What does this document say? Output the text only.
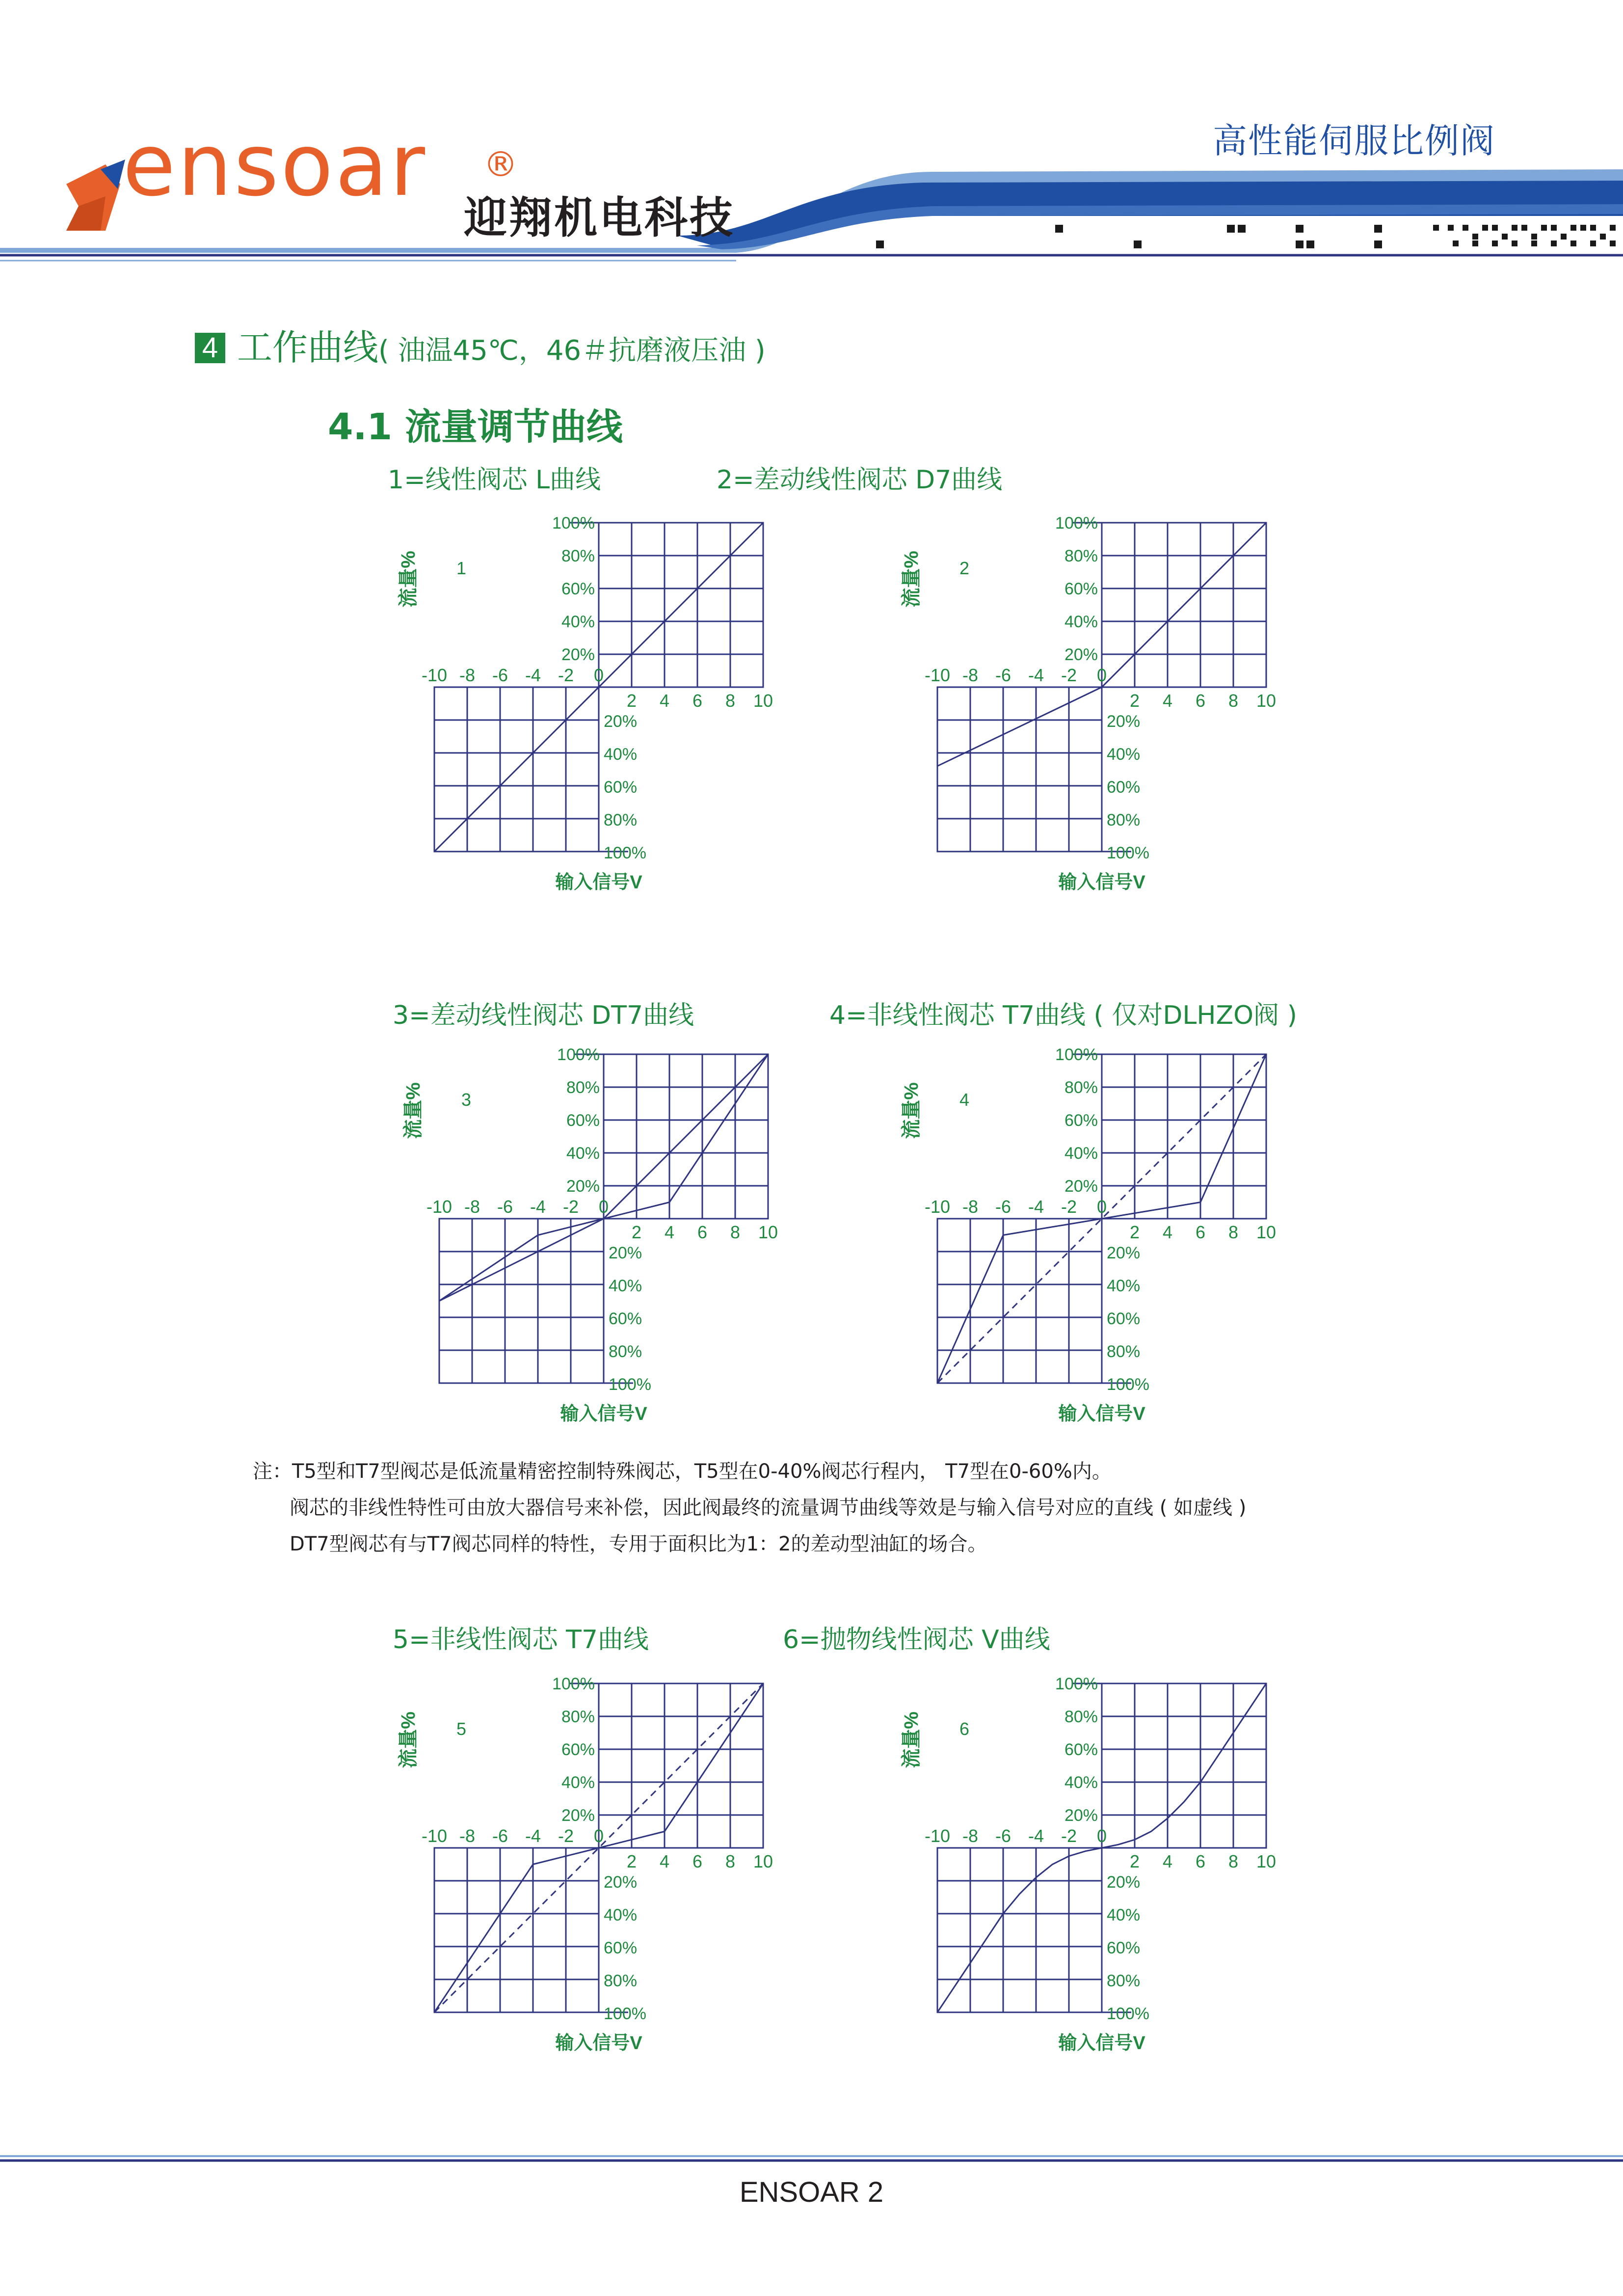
ensoar ®
迎翔机电科技
高性能伺服比例阀
4 工作曲线( 油温45℃，46＃抗磨液压油 )
4.1 流量调节曲线
1=线性阀芯 L曲线	2=差动线性阀芯 D7曲线
3=差动线性阀芯 DT7曲线	4=非线性阀芯 T7曲线 ( 仅对DLHZO阀 )
5=非线性阀芯 T7曲线	6=抛物线性阀芯 V曲线
20%
40%
60%
80%
100%
20%
40%
60%
80%
100%
-10 -8 -6 -4 -2 0
2 4 6 8 10
1
流量%
输入信号V
20%
40%
60%
80%
100%
20%
40%
60%
80%
100%
-10 -8 -6 -4 -2 0
2 4 6 8 10
2
流量%
输入信号V
20%
40%
60%
80%
100%
20%
40%
60%
80%
100%
-10 -8 -6 -4 -2 0
2 4 6 8 10
3
流量%
输入信号V
20%
40%
60%
80%
100%
20%
40%
60%
80%
100%
-10 -8 -6 -4 -2 0
2 4 6 8 10
4
流量%
输入信号V
20%
40%
60%
80%
100%
20%
40%
60%
80%
100%
-10 -8 -6 -4 -2 0
2 4 6 8 10
5
流量%
输入信号V
20%
40%
60%
80%
100%
20%
40%
60%
80%
100%
-10 -8 -6 -4 -2 0
2 4 6 8 10
6
流量%
输入信号V
注：T5型和T7型阀芯是低流量精密控制特殊阀芯，T5型在0-40%阀芯行程内， T7型在0-60%内。
阀芯的非线性特性可由放大器信号来补偿，因此阀最终的流量调节曲线等效是与输入信号对应的直线 ( 如虚线 )
DT7型阀芯有与T7阀芯同样的特性，专用于面积比为1：2的差动型油缸的场合。
ENSOAR 2
